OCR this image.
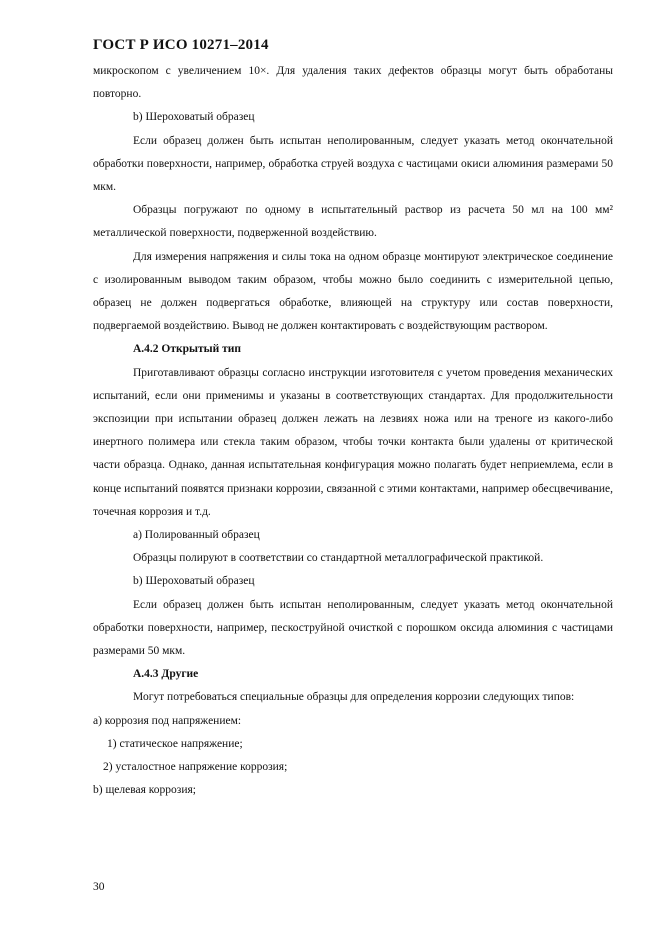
ГОСТ Р ИСО 10271–2014

микроскопом с увеличением 10×. Для удаления таких дефектов образцы могут быть обработаны повторно.

b) Шероховатый образец

Если образец должен быть испытан неполированным, следует указать метод окончательной обработки поверхности, например, обработка струей воздуха с частицами окиси алюминия размерами 50 мкм.

Образцы погружают по одному в испытательный раствор из расчета 50 мл на 100 мм² металлической поверхности, подверженной воздействию.

Для измерения напряжения и силы тока на одном образце монтируют электрическое соединение с изолированным выводом таким образом, чтобы можно было соединить с измерительной цепью, образец не должен подвергаться обработке, влияющей на структуру или состав поверхности, подвергаемой воздействию. Вывод не должен контактировать с воздействующим раствором.

А.4.2 Открытый тип

Приготавливают образцы согласно инструкции изготовителя с учетом проведения механических испытаний, если они применимы и указаны в соответствующих стандартах. Для продолжительности экспозиции при испытании образец должен лежать на лезвиях ножа или на треноге из какого-либо инертного полимера или стекла таким образом, чтобы точки контакта были удалены от критической части образца. Однако, данная испытательная конфигурация можно полагать будет неприемлема, если в конце испытаний появятся признаки коррозии, связанной с этими контактами, например обесцвечивание, точечная коррозия и т.д.

а) Полированный образец

Образцы полируют в соответствии со стандартной металлографической практикой.

b) Шероховатый образец

Если образец должен быть испытан неполированным, следует указать метод окончательной обработки поверхности, например, пескоструйной очисткой с порошком оксида алюминия с частицами размерами 50 мкм.

А.4.3 Другие

Могут потребоваться специальные образцы для определения коррозии следующих типов:

а) коррозия под напряжением:

1) статическое напряжение;

2) усталостное напряжение коррозия;

b) щелевая коррозия;

30
